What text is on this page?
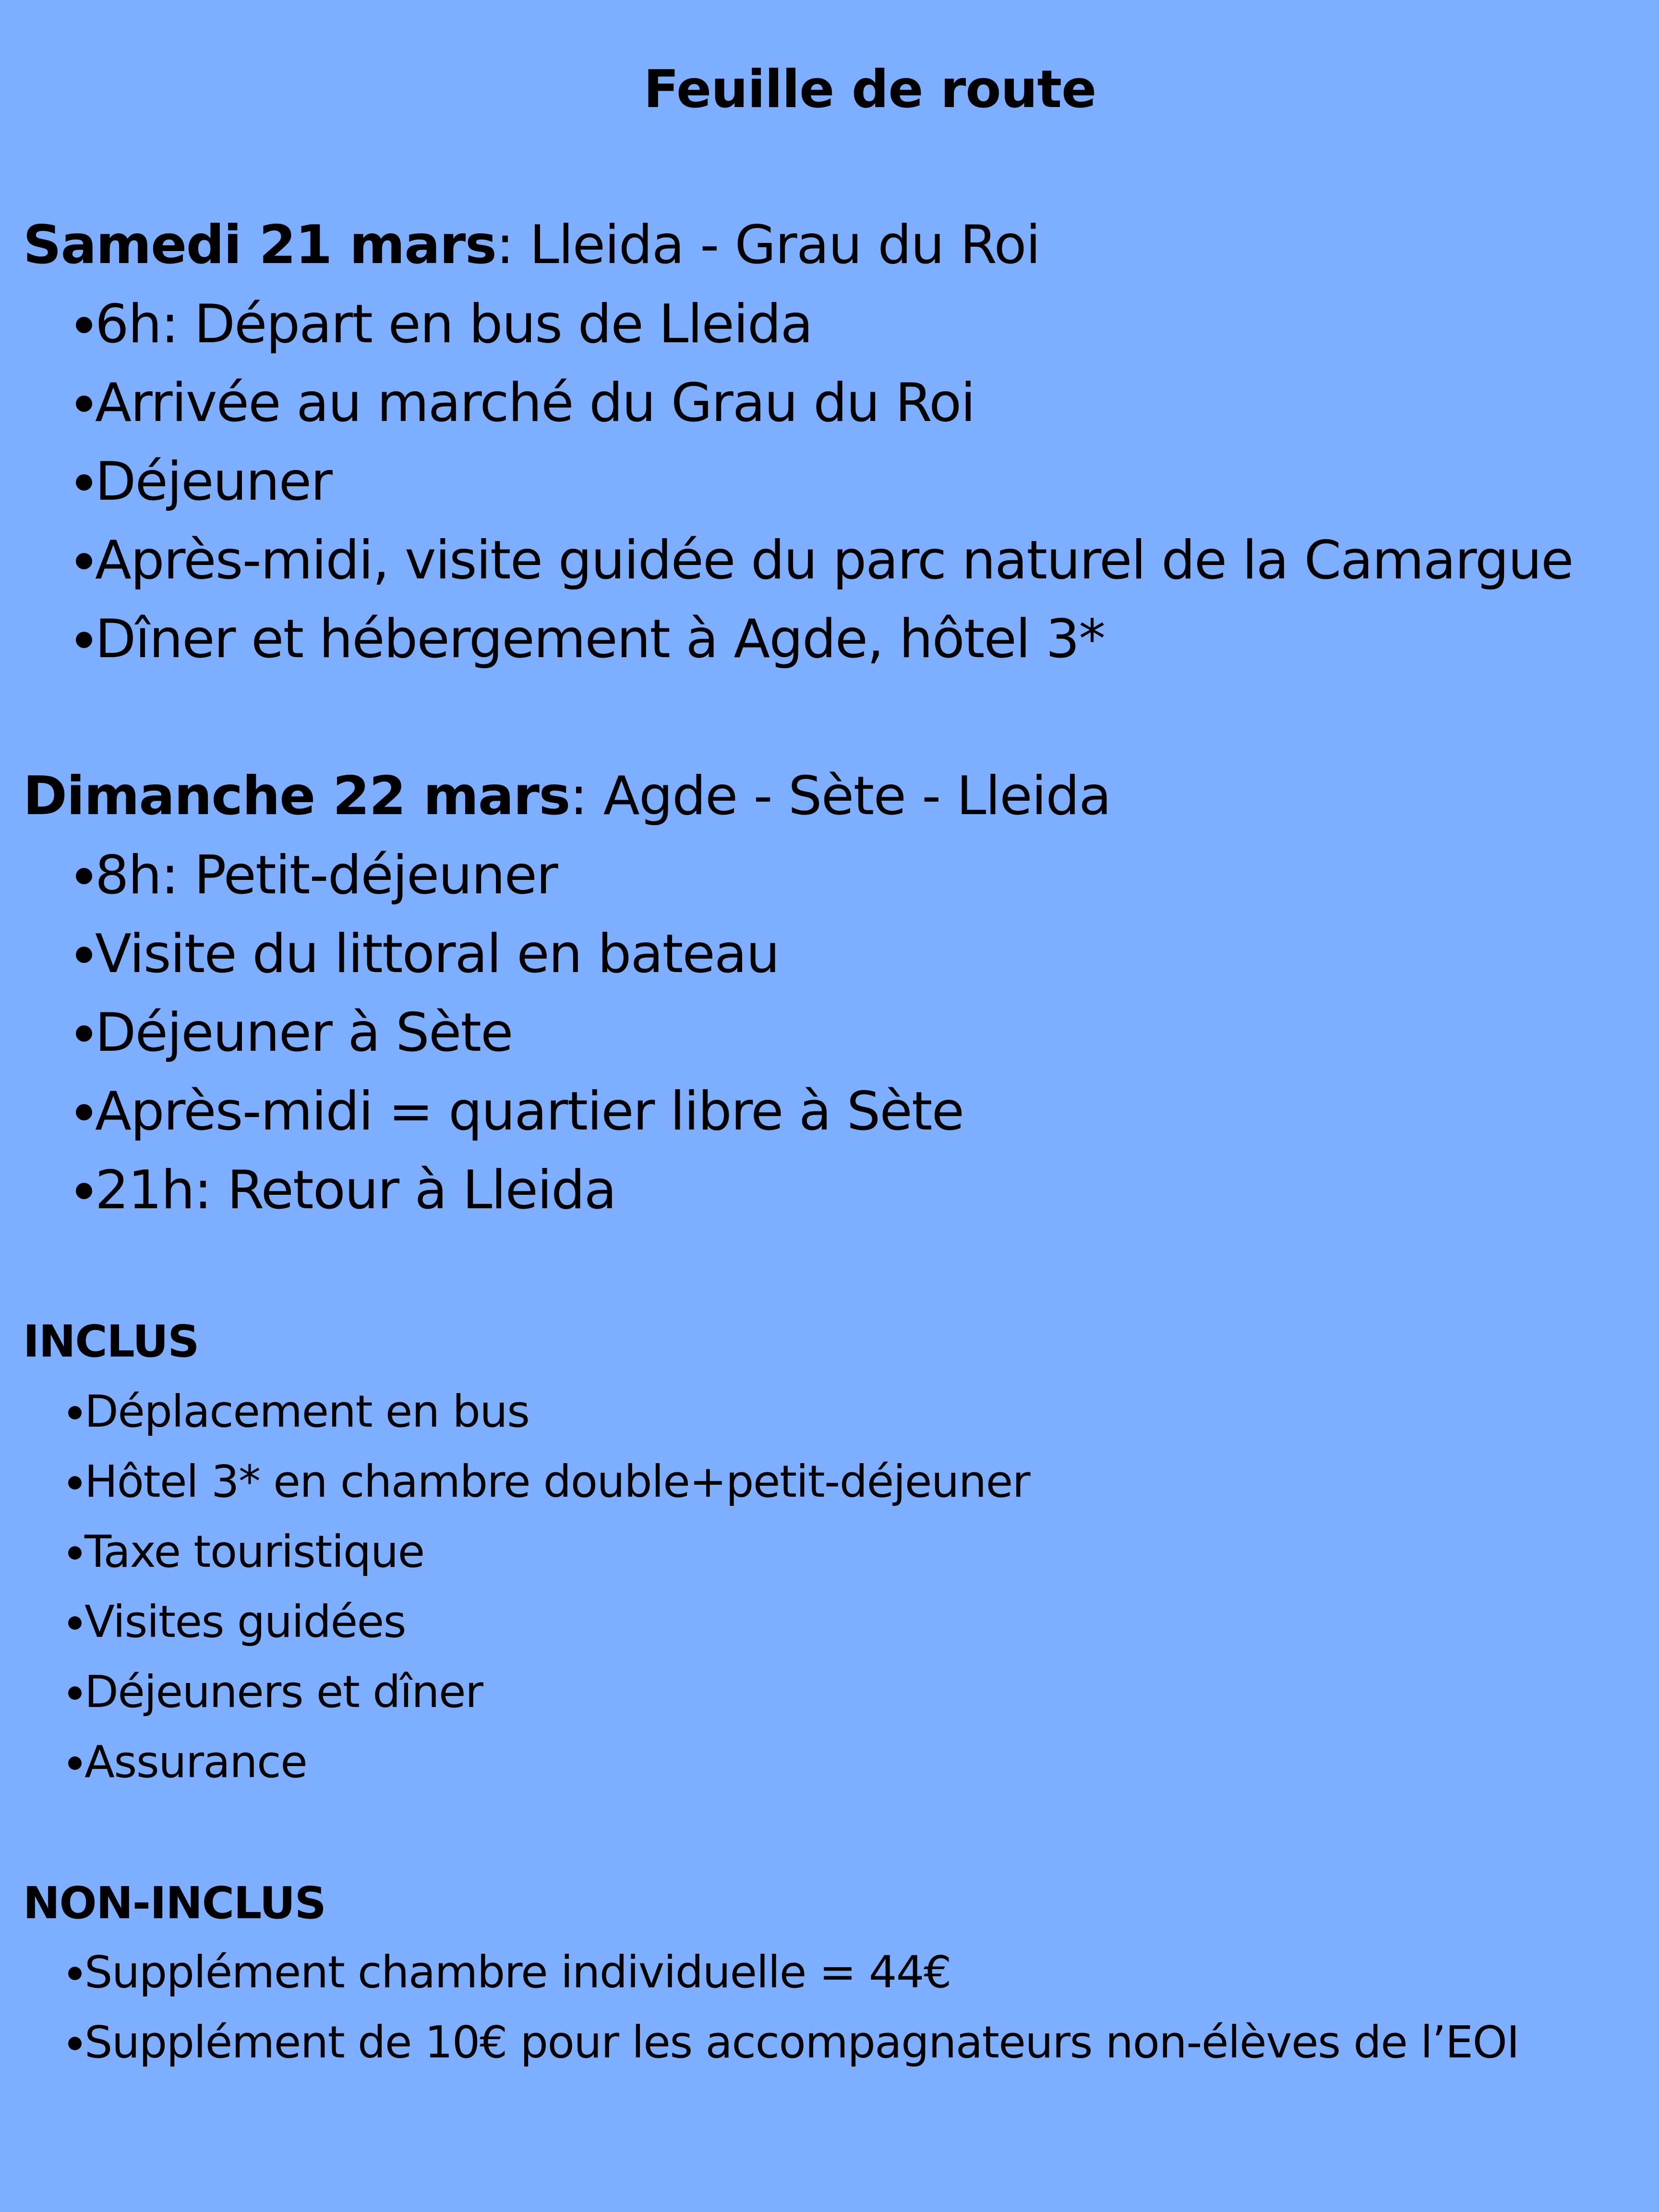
Feuille de route
Samedi 21 mars: Lleida - Grau du Roi
6h: Départ en bus de Lleida
Arrivée au marché du Grau du Roi
Déjeuner
Après-midi, visite guidée du parc naturel de la Camargue
Dîner et hébergement à Agde, hôtel 3*
Dimanche 22 mars: Agde - Sète - Lleida
8h: Petit-déjeuner
Visite du littoral en bateau
Déjeuner à Sète
Après-midi = quartier libre à Sète
21h: Retour à Lleida
INCLUS
Déplacement en bus
Hôtel 3* en chambre double+petit-déjeuner
Taxe touristique
Visites guidées
Déjeuners et dîner
Assurance
NON-INCLUS
Supplément chambre individuelle = 44€
Supplément de 10€ pour les accompagnateurs non-élèves de l’EOI
